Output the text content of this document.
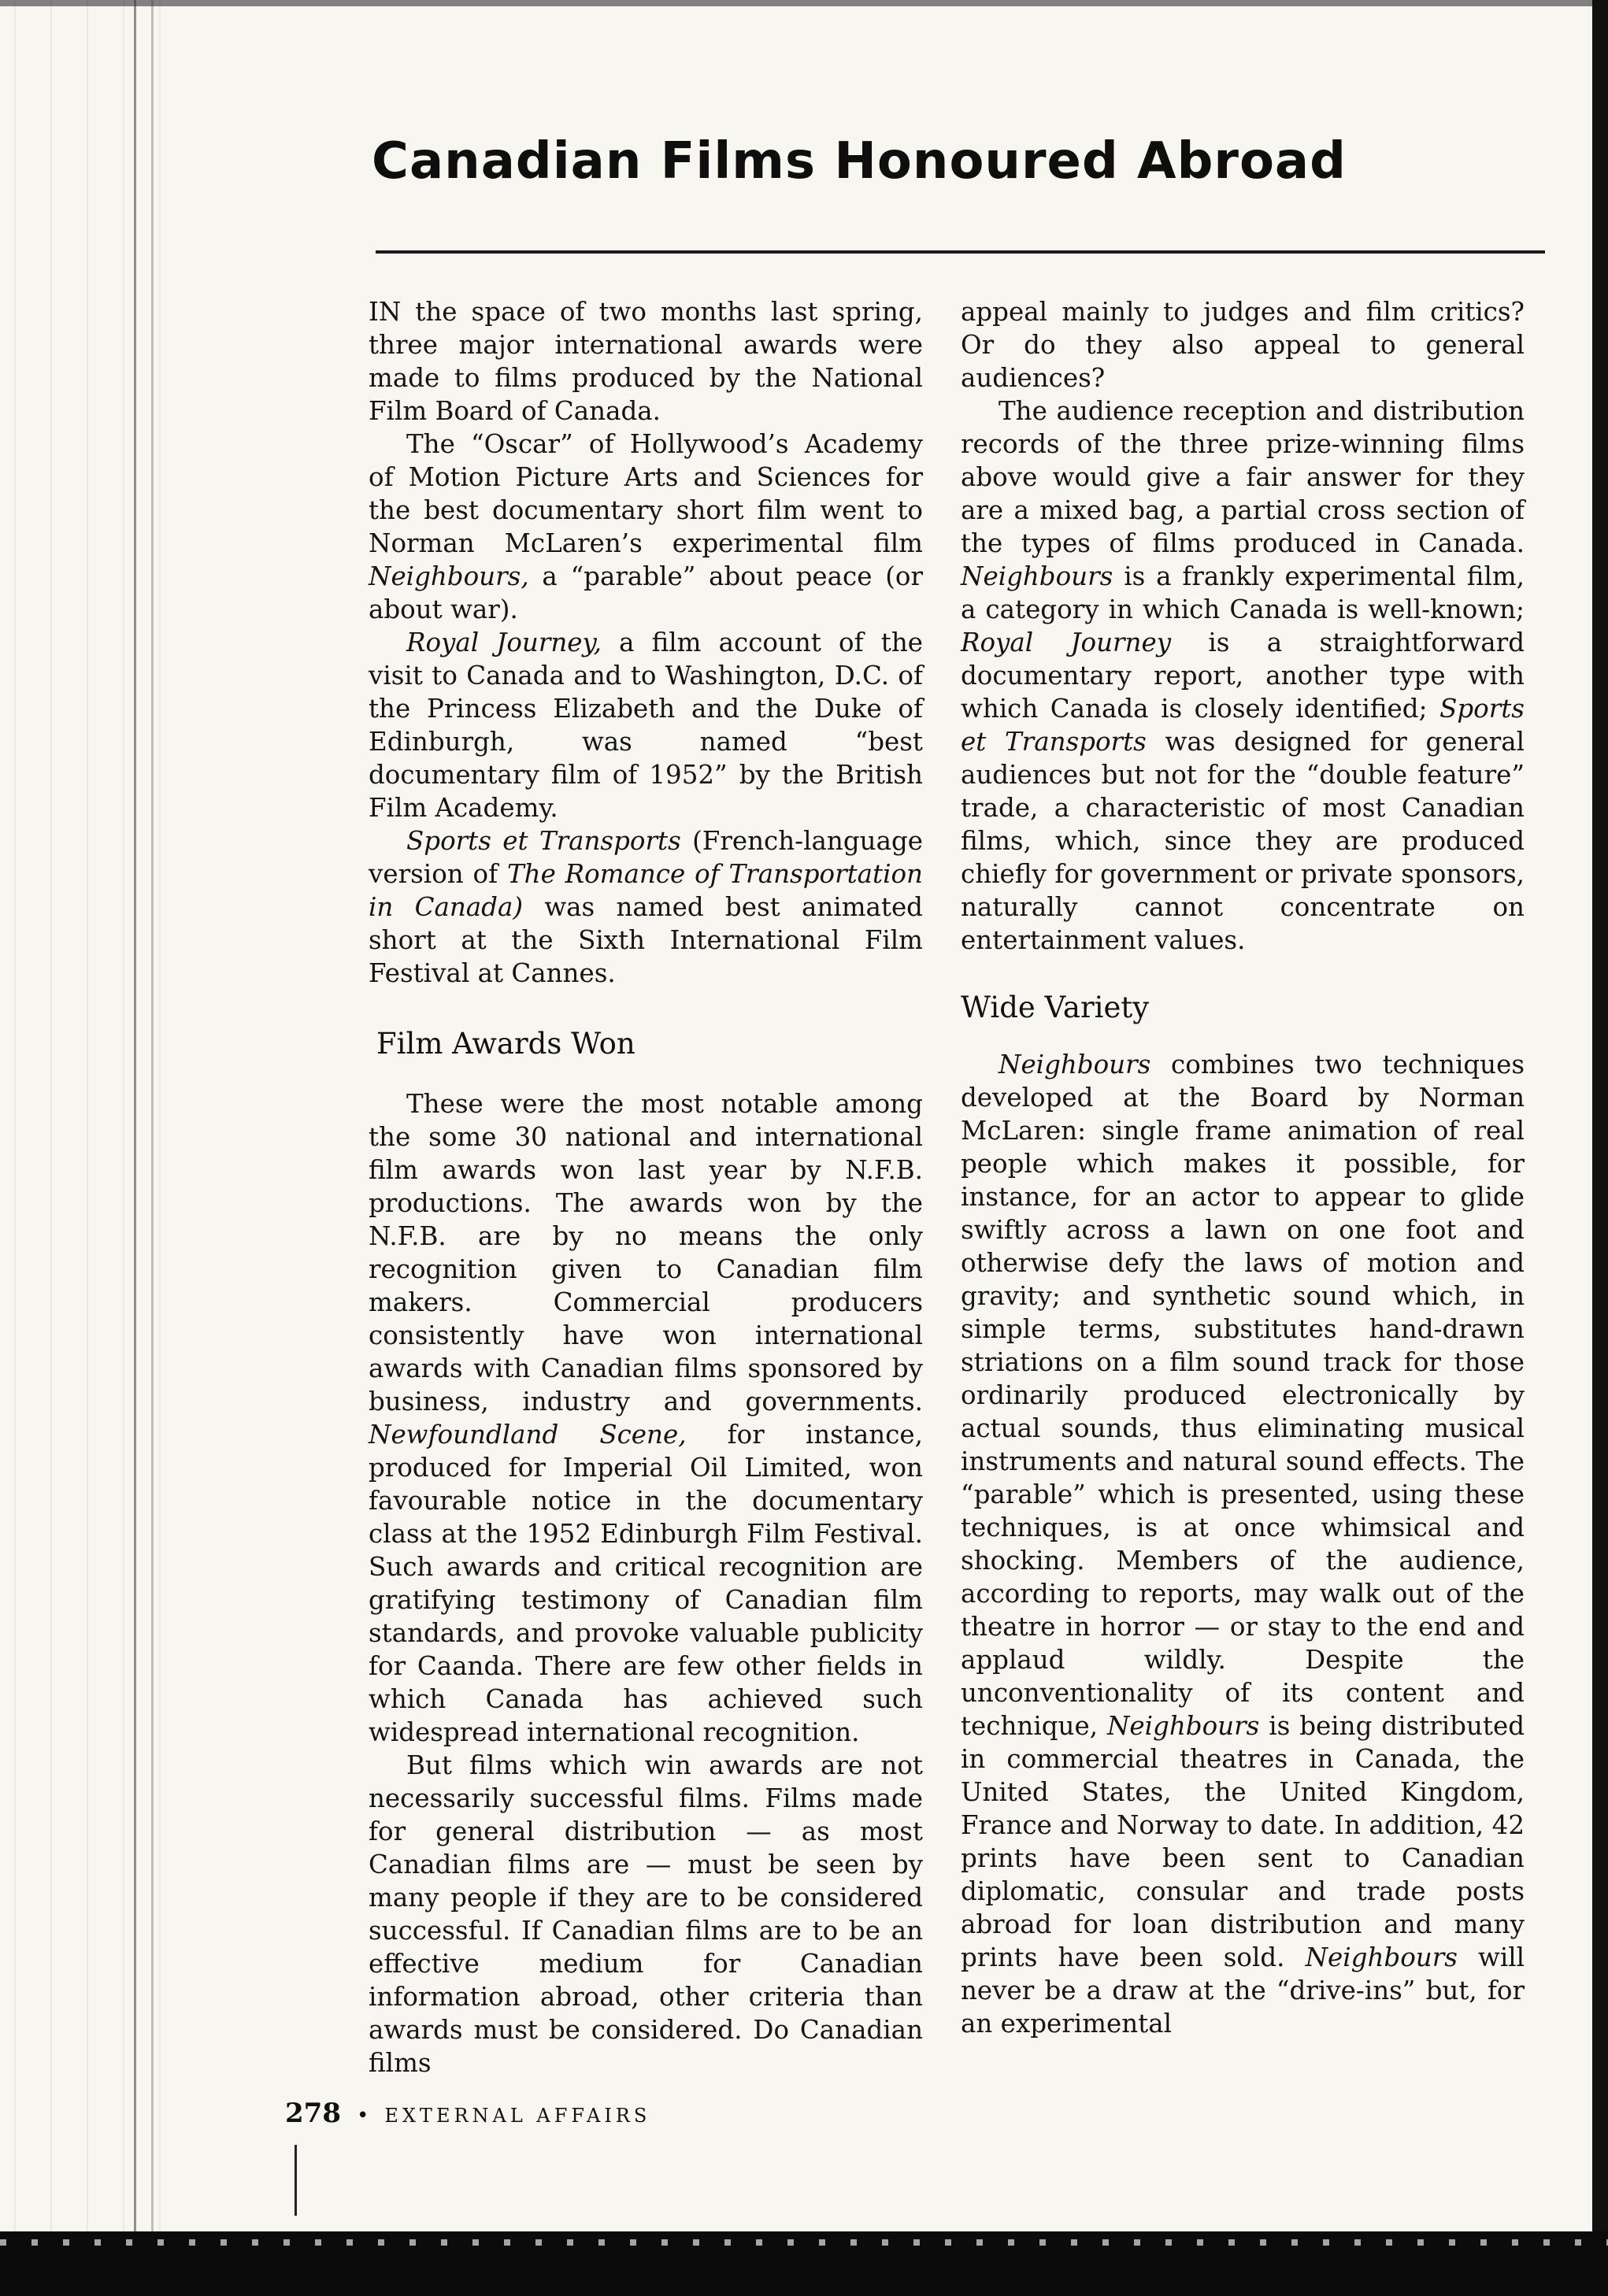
Canadian Films Honoured Abroad

IN the space of two months last spring, three major international awards were made to films produced by the National Film Board of Canada.

The “Oscar” of Hollywood’s Academy of Motion Picture Arts and Sciences for the best documentary short film went to Norman McLaren’s experimental film Neighbours, a “parable” about peace (or about war).

Royal Journey, a film account of the visit to Canada and to Washington, D.C. of the Princess Elizabeth and the Duke of Edinburgh, was named “best documentary film of 1952” by the British Film Academy.

Sports et Transports (French-language version of The Romance of Transportation in Canada) was named best animated short at the Sixth International Film Festival at Cannes.

Film Awards Won

These were the most notable among the some 30 national and international film awards won last year by N.F.B. productions. The awards won by the N.F.B. are by no means the only recognition given to Canadian film makers. Commercial producers consistently have won international awards with Canadian films sponsored by business, industry and governments. Newfoundland Scene, for instance, produced for Imperial Oil Limited, won favourable notice in the documentary class at the 1952 Edinburgh Film Festival. Such awards and critical recognition are gratifying testimony of Canadian film standards, and provoke valuable publicity for Caanda. There are few other fields in which Canada has achieved such widespread international recognition.

But films which win awards are not necessarily successful films. Films made for general distribution — as most Canadian films are — must be seen by many people if they are to be considered successful. If Canadian films are to be an effective medium for Canadian information abroad, other criteria than awards must be considered. Do Canadian films

appeal mainly to judges and film critics? Or do they also appeal to general audiences?

The audience reception and distribution records of the three prize-winning films above would give a fair answer for they are a mixed bag, a partial cross section of the types of films produced in Canada. Neighbours is a frankly experimental film, a category in which Canada is well-known; Royal Journey is a straightforward documentary report, another type with which Canada is closely identified; Sports et Transports was designed for general audiences but not for the “double feature” trade, a characteristic of most Canadian films, which, since they are produced chiefly for government or private sponsors, naturally cannot concentrate on entertainment values.

Wide Variety

Neighbours combines two techniques developed at the Board by Norman McLaren: single frame animation of real people which makes it possible, for instance, for an actor to appear to glide swiftly across a lawn on one foot and otherwise defy the laws of motion and gravity; and synthetic sound which, in simple terms, substitutes hand-drawn striations on a film sound track for those ordinarily produced electronically by actual sounds, thus eliminating musical instruments and natural sound effects. The “parable” which is presented, using these techniques, is at once whimsical and shocking. Members of the audience, according to reports, may walk out of the theatre in horror — or stay to the end and applaud wildly. Despite the unconventionality of its content and technique, Neighbours is being distributed in commercial theatres in Canada, the United States, the United Kingdom, France and Norway to date. In addition, 42 prints have been sent to Canadian diplomatic, consular and trade posts abroad for loan distribution and many prints have been sold. Neighbours will never be a draw at the “drive-ins” but, for an experimental

278 • EXTERNAL AFFAIRS
